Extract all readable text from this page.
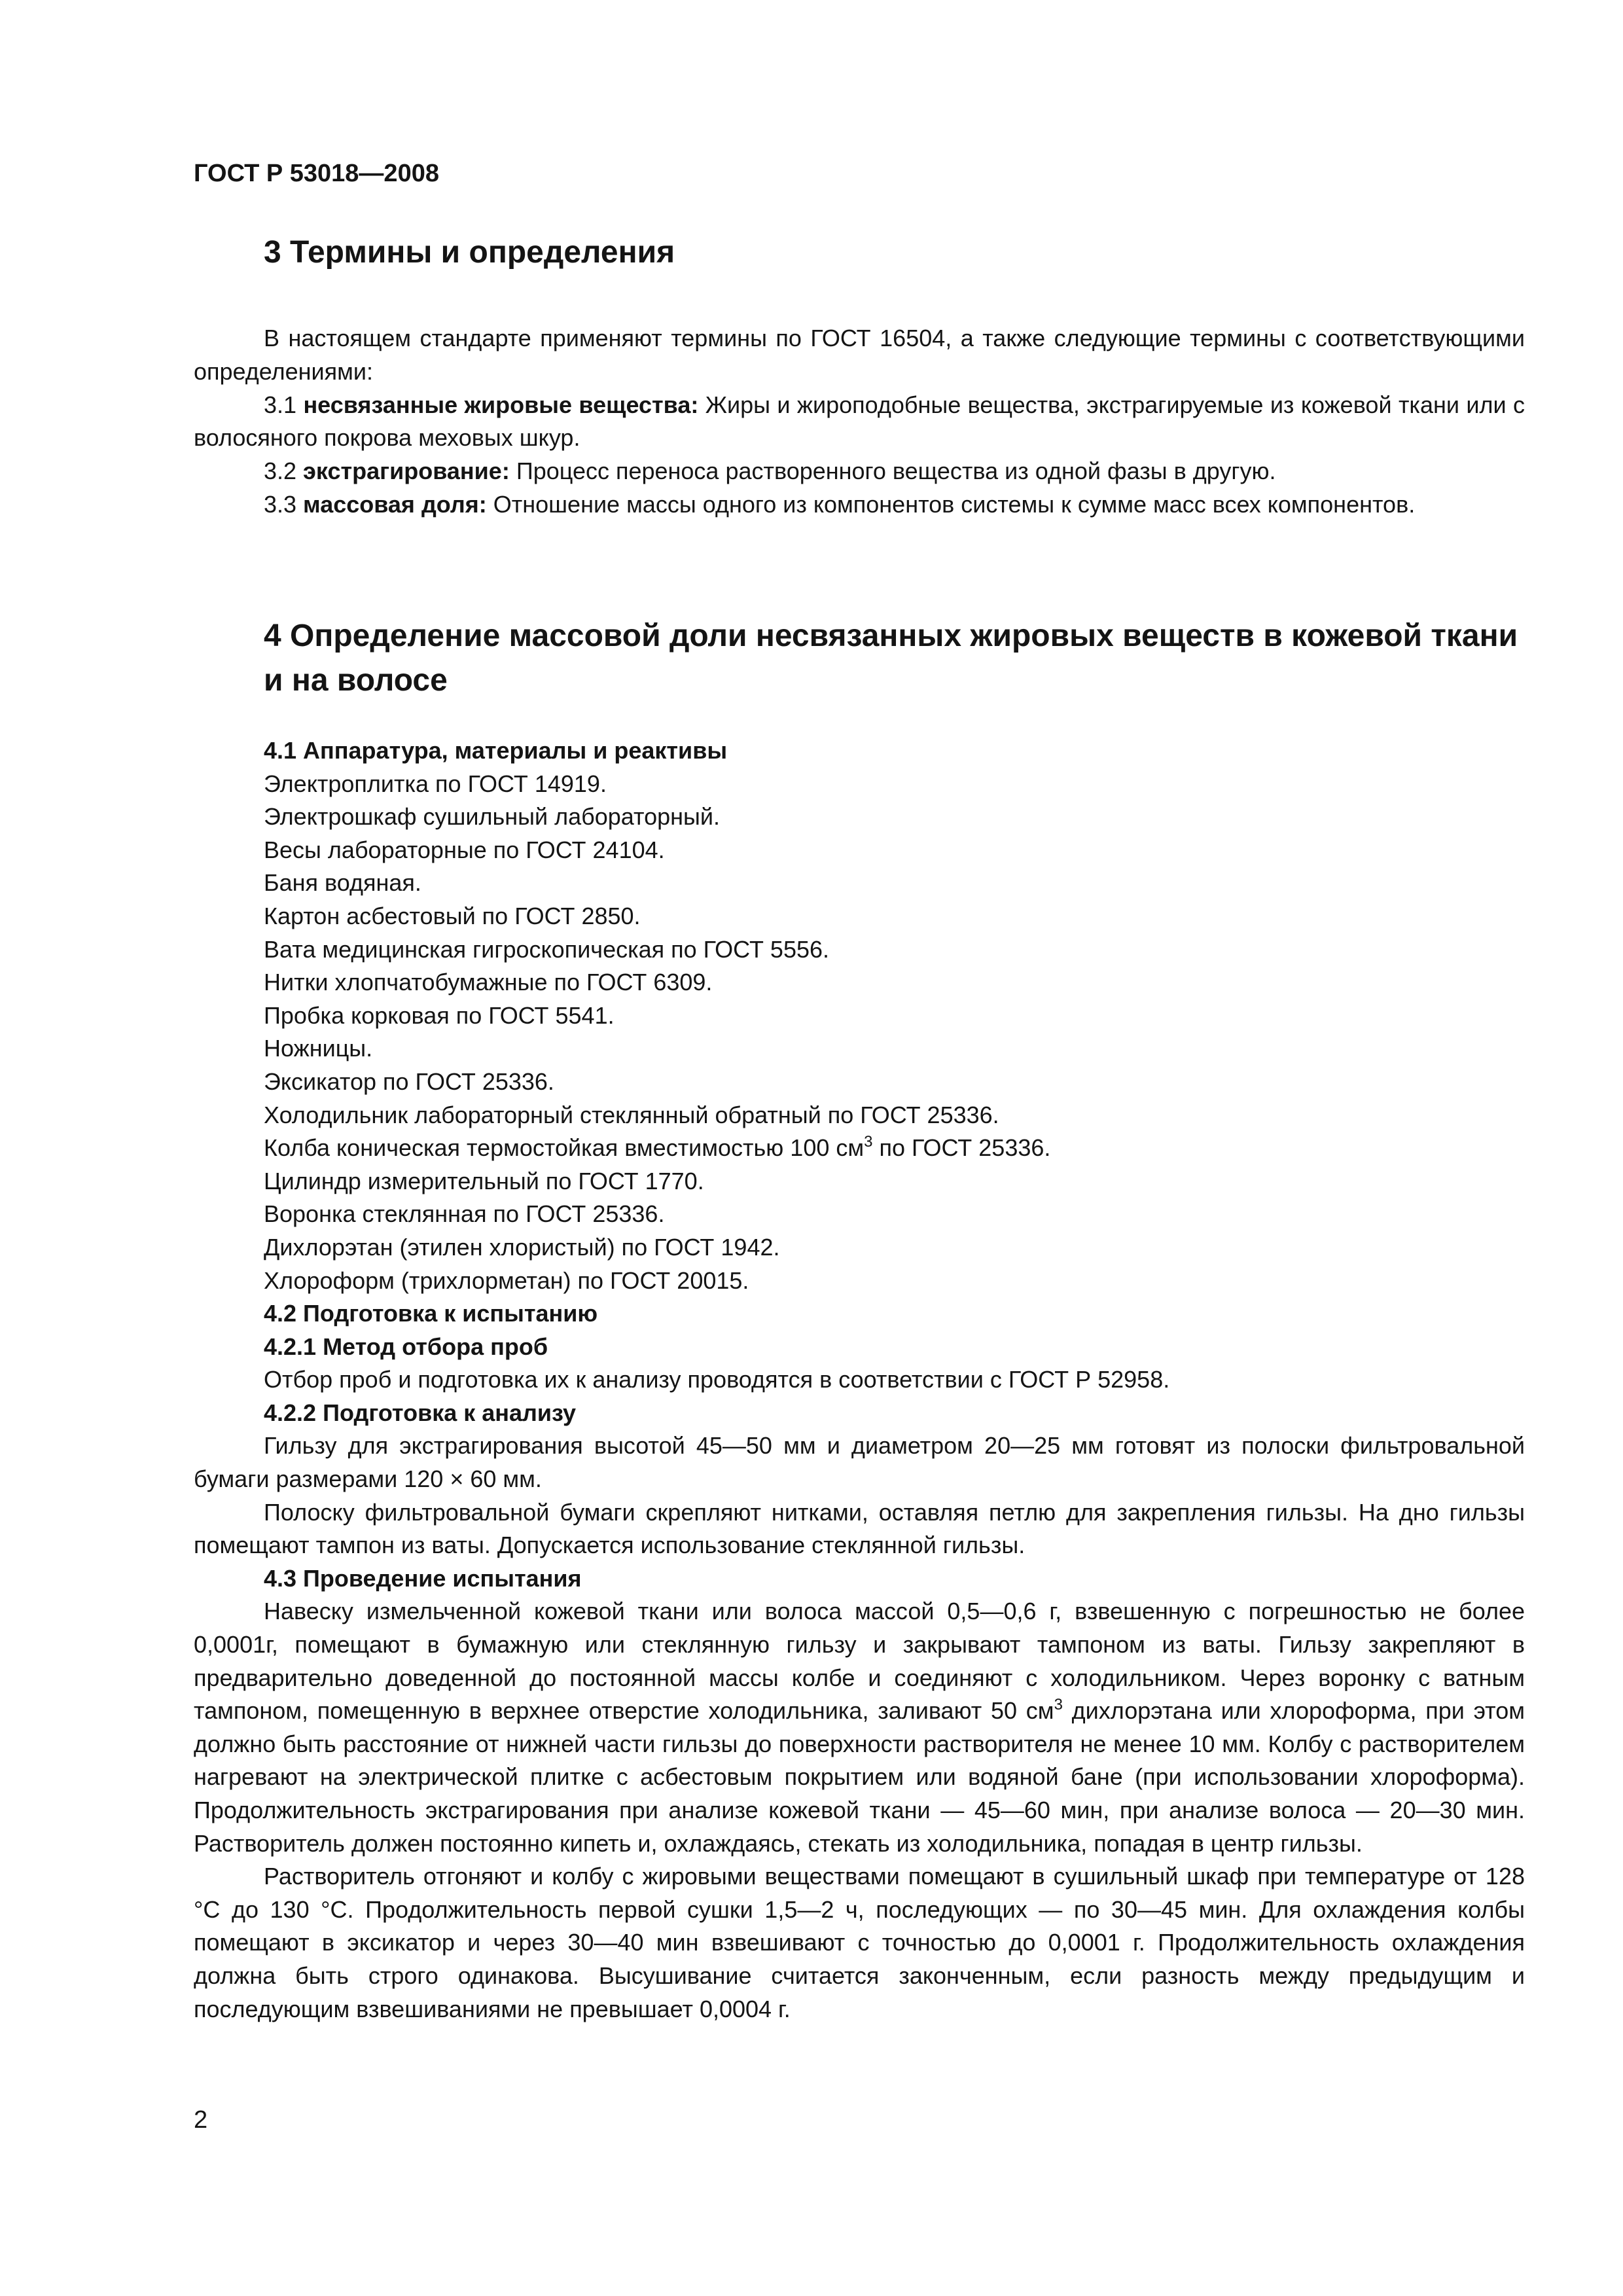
ГОСТ Р 53018—2008
3 Термины и определения

В настоящем стандарте применяют термины по ГОСТ 16504, а также следующие термины с соответствующими определениями:

3.1 несвязанные жировые вещества: Жиры и жироподобные вещества, экстрагируемые из кожевой ткани или с волосяного покрова меховых шкур.

3.2 экстрагирование: Процесс переноса растворенного вещества из одной фазы в другую.

3.3 массовая доля: Отношение массы одного из компонентов системы к сумме масс всех компонентов.

4 Определение массовой доли несвязанных жировых веществ в кожевой ткани и на волосе

4.1 Аппаратура, материалы и реактивы

Электроплитка по ГОСТ 14919.

Электрошкаф сушильный лабораторный.

Весы лабораторные по ГОСТ 24104.

Баня водяная.

Картон асбестовый по ГОСТ 2850.

Вата медицинская гигроскопическая по ГОСТ 5556.

Нитки хлопчатобумажные по ГОСТ 6309.

Пробка корковая по ГОСТ 5541.

Ножницы.

Эксикатор по ГОСТ 25336.

Холодильник лабораторный стеклянный обратный по ГОСТ 25336.

Колба коническая термостойкая вместимостью 100 $см^3$ по ГОСТ 25336.

Цилиндр измерительный по ГОСТ 1770.

Воронка стеклянная по ГОСТ 25336.

Дихлорэтан (этилен хлористый) по ГОСТ 1942.

Хлороформ (трихлорметан) по ГОСТ 20015.

4.2 Подготовка к испытанию

4.2.1 Метод отбора проб

Отбор проб и подготовка их к анализу проводятся в соответствии с ГОСТ Р 52958.

4.2.2 Подготовка к анализу

Гильзу для экстрагирования высотой 45—50 мм и диаметром 20—25 мм готовят из полоски фильтровальной бумаги размерами 120 × 60 мм.

Полоску фильтровальной бумаги скрепляют нитками, оставляя петлю для закрепления гильзы. На дно гильзы помещают тампон из ваты. Допускается использование стеклянной гильзы.

4.3 Проведение испытания

Навеску измельченной кожевой ткани или волоса массой 0,5—0,6 г, взвешенную с погрешностью не более 0,0001г, помещают в бумажную или стеклянную гильзу и закрывают тампоном из ваты. Гильзу закрепляют в предварительно доведенной до постоянной массы колбе и соединяют с холодильником. Через воронку с ватным тампоном, помещенную в верхнее отверстие холодильника, заливают 50 $см^3$ дихлорэтана или хлороформа, при этом должно быть расстояние от нижней части гильзы до поверхности растворителя не менее 10 мм. Колбу с растворителем нагревают на электрической плитке с асбестовым покрытием или водяной бане (при использовании хлороформа). Продолжительность экстрагирования при анализе кожевой ткани — 45—60 мин, при анализе волоса — 20—30 мин. Растворитель должен постоянно кипеть и, охлаждаясь, стекать из холодильника, попадая в центр гильзы.

Растворитель отгоняют и колбу с жировыми веществами помещают в сушильный шкаф при температуре от 128 °С до 130 °С. Продолжительность первой сушки 1,5—2 ч, последующих — по 30—45 мин. Для охлаждения колбы помещают в эксикатор и через 30—40 мин взвешивают с точностью до 0,0001 г. Продолжительность охлаждения должна быть строго одинакова. Высушивание считается законченным, если разность между предыдущим и последующим взвешиваниями не превышает 0,0004 г.

2
